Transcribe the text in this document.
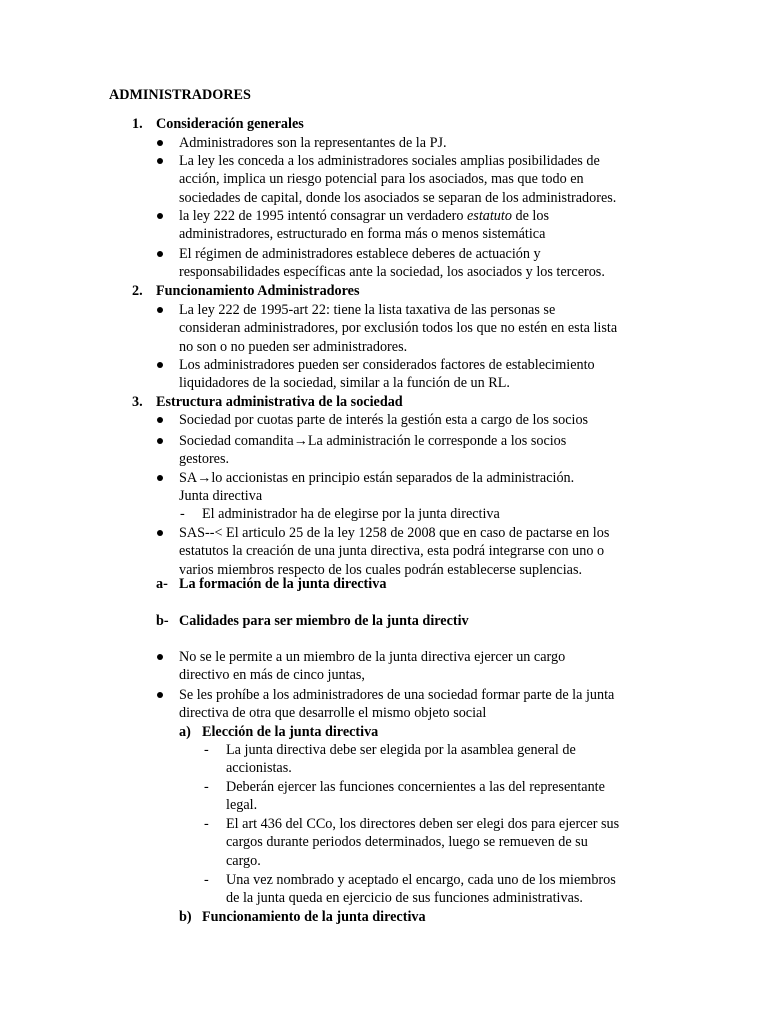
ADMINISTRADORES
1. Consideración generales
Administradores son la representantes de la PJ.
La ley les conceda a los administradores sociales amplias posibilidades de
acción, implica un riesgo potencial para los asociados, mas que todo en
sociedades de capital, donde los asociados se separan de los administradores.
la ley 222 de 1995 intentó consagrar un verdadero estatuto de los
administradores, estructurado en forma más o menos sistemática
El régimen de administradores establece deberes de actuación y
responsabilidades específicas ante la sociedad, los asociados y los terceros.
2. Funcionamiento Administradores
La ley 222 de 1995-art 22: tiene la lista taxativa de las personas se
consideran administradores, por exclusión todos los que no estén en esta lista
no son o no pueden ser administradores.
Los administradores pueden ser considerados factores de establecimiento
liquidadores de la sociedad, similar a la función de un RL.
3. Estructura administrativa de la sociedad
Sociedad por cuotas parte de interés la gestión esta a cargo de los socios
Sociedad comandita→La administración le corresponde a los socios
gestores.
SA→lo accionistas en principio están separados de la administración.
Junta directiva
- El administrador ha de elegirse por la junta directiva
SAS--< El articulo 25 de la ley 1258 de 2008 que en caso de pactarse en los
estatutos la creación de una junta directiva, esta podrá integrarse con uno o
varios miembros respecto de los cuales podrán establecerse suplencias.
a- La formación de la junta directiva
b- Calidades para ser miembro de la junta directiv
No se le permite a un miembro de la junta directiva ejercer un cargo
directivo en más de cinco juntas,
Se les prohíbe a los administradores de una sociedad formar parte de la junta
directiva de otra que desarrolle el mismo objeto social
a) Elección de la junta directiva
- La junta directiva debe ser elegida por la asamblea general de
accionistas.
- Deberán ejercer las funciones concernientes a las del representante
legal.
- El art 436 del CCo, los directores deben ser elegi dos para ejercer sus
cargos durante periodos determinados, luego se remueven de su
cargo.
- Una vez nombrado y aceptado el encargo, cada uno de los miembros
de la junta queda en ejercicio de sus funciones administrativas.
b) Funcionamiento de la junta directiva
